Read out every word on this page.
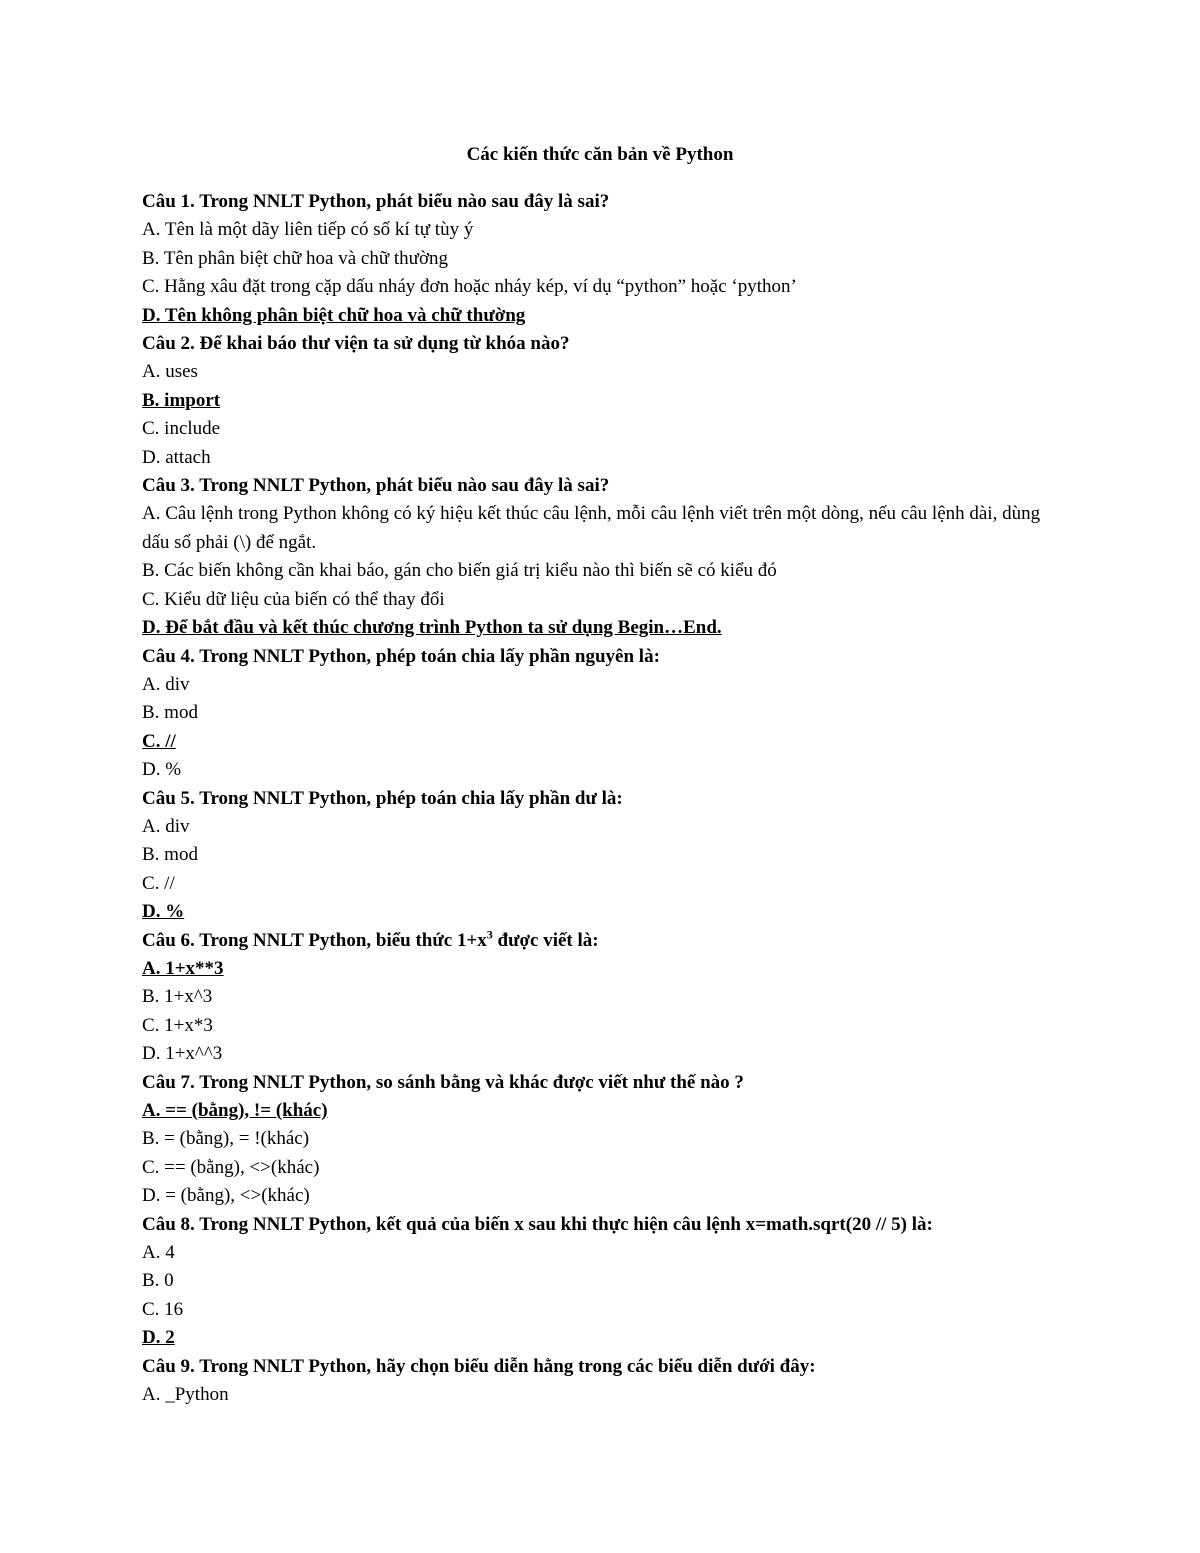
Các kiến thức căn bản về Python
Câu 1. Trong NNLT Python, phát biểu nào sau đây là sai?
A. Tên là một dãy liên tiếp có số kí tự tùy ý
B. Tên phân biệt chữ hoa và chữ thường
C. Hằng xâu đặt trong cặp dấu nháy đơn hoặc nháy kép, ví dụ “python” hoặc ‘python’
D. Tên không phân biệt chữ hoa và chữ thường
Câu 2. Để khai báo thư viện ta sử dụng từ khóa nào?
A. uses
B. import
C. include
D. attach
Câu 3. Trong NNLT Python, phát biểu nào sau đây là sai?
A. Câu lệnh trong Python không có ký hiệu kết thúc câu lệnh, mỗi câu lệnh viết trên một dòng, nếu câu lệnh dài, dùng dấu sổ phải (\) để ngắt.
B. Các biến không cần khai báo, gán cho biến giá trị kiểu nào thì biến sẽ có kiểu đó
C. Kiểu dữ liệu của biến có thể thay đổi
D. Để bắt đầu và kết thúc chương trình Python ta sử dụng Begin…End.
Câu 4. Trong NNLT Python, phép toán chia lấy phần nguyên là:
A. div
B. mod
C. //
D. %
Câu 5. Trong NNLT Python, phép toán chia lấy phần dư là:
A. div
B. mod
C. //
D. %
Câu 6. Trong NNLT Python, biểu thức $1+x^3$ được viết là:
A. 1+x**3
B. 1+x^3
C. 1+x*3
D. 1+x^^3
Câu 7. Trong NNLT Python, so sánh bằng và khác được viết như thế nào ?
A. == (bằng), != (khác)
B. = (bằng), = !(khác)
C. == (bằng), <>(khác)
D. = (bằng), <>(khác)
Câu 8. Trong NNLT Python, kết quả của biến x sau khi thực hiện câu lệnh x=math.sqrt(20 // 5) là:
A. 4
B. 0
C. 16
D. 2
Câu 9. Trong NNLT Python, hãy chọn biểu diễn hằng trong các biểu diễn dưới đây:
A. _Python
